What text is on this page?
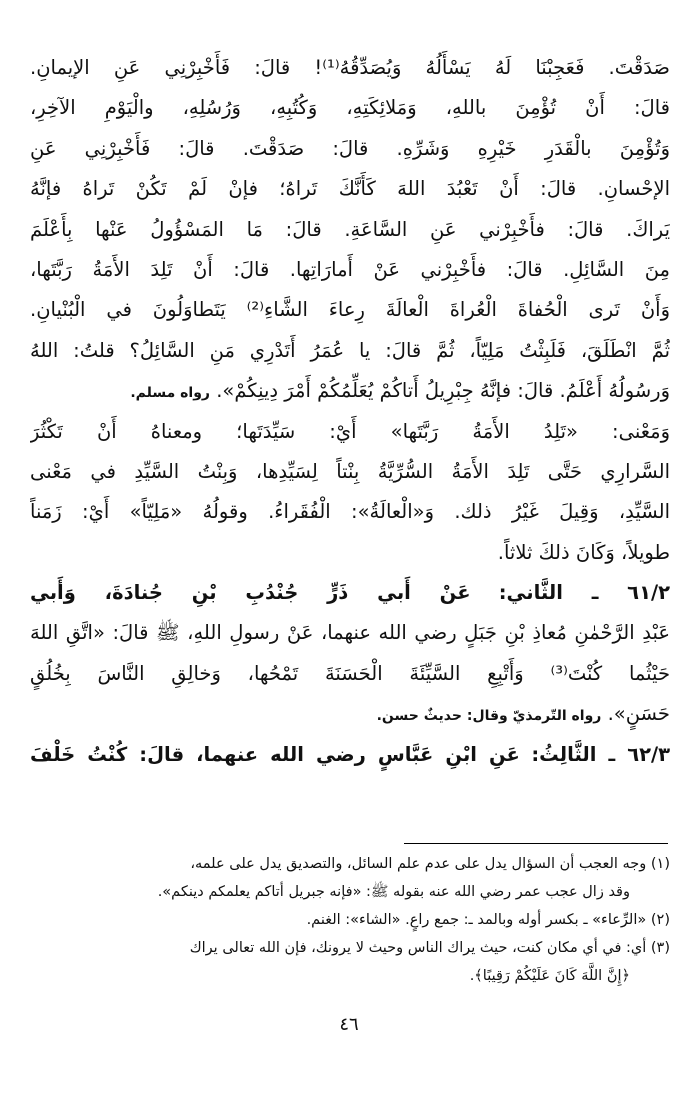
صَدَقْتَ. فَعَجِبْنَا لَهُ يَسْأَلُهُ وَيُصَدِّقُهُ⁽¹⁾! قالَ: فَأَخْبِرْنِي عَنِ الإيمانِ.
قالَ: أَنْ تُؤْمِنَ باللهِ، وَمَلائِكَتِهِ، وَكُتُبِهِ، وَرُسُلِهِ، والْيَوْمِ الآخِرِ،
وَتُؤْمِنَ بالْقَدَرِ خَيْرِهِ وَشَرِّهِ. قالَ: صَدَقْتَ. قالَ: فَأَخْبِرْنِي عَنِ
الإحْسانِ. قالَ: أَنْ تَعْبُدَ اللهَ كَأَنَّكَ تَراهُ؛ فإنْ لَمْ تَكُنْ تَراهُ فإنَّهُ
يَراكَ. قالَ: فأَخْبِرْني عَنِ السَّاعَةِ. قالَ: مَا المَسْؤُولُ عَنْها بِأَعْلَمَ
مِنَ السَّائِلِ. قالَ: فأَخْبِرْني عَنْ أَمارَاتِها. قالَ: أَنْ تَلِدَ الأَمَةُ رَبَّتَها،
وَأَنْ تَرى الْحُفاةَ الْعُراةَ الْعالَةَ رِعاءَ الشَّاءِ⁽²⁾ يَتَطاوَلُونَ في الْبُنْيانِ.
ثُمَّ انْطَلَقَ، فَلَبِثْتُ مَلِيّاً، ثُمَّ قالَ: يا عُمَرُ أَتَدْرِي مَنِ السَّائِلُ؟ قلتُ: اللهُ
وَرسُولُهُ أَعْلَمُ. قالَ: فإنَّهُ جِبْرِيلُ أَتاكُمْ يُعَلِّمُكُمْ أَمْرَ دِينِكُمْ». رواه مسلم.
وَمَعْنى: «تَلِدُ الأَمَةُ رَبَّتَها» أَيْ: سَيِّدَتَها؛ ومعناهُ أَنْ تَكْثُرَ
السَّرارِي حَتَّى تَلِدَ الأَمَةُ السُّرِّيَّةُ بِنْتاً لِسَيِّدِها، وَبِنْتُ السَّيِّدِ في مَعْنى
السَّيِّدِ، وَقِيلَ غَيْرُ ذلك. وَ«الْعالَةُ»: الْفُقَراءُ. وقولُهُ «مَلِيّاً» أَيْ: زَمَناً
طويلاً، وَكَانَ ذلكَ ثلاثاً.
٦١/٢ ـ الثَّاني: عَنْ أَبي ذَرٍّ جُنْدُبِ بْنِ جُنادَةَ، وَأَبي
عَبْدِ الرَّحْمٰنِ مُعاذِ بْنِ جَبَلٍ رضي الله عنهما، عَنْ رسولِ اللهِ، ﷺ قالَ: «اتَّقِ اللهَ
حَيْثُما كُنْتَ⁽³⁾ وَأَتْبِعِ السَّيِّئَةَ الْحَسَنَةَ تَمْحُها، وَخالِقِ النَّاسَ بِخُلُقٍ
حَسَنٍ». رواه التّرمذيّ وقال: حديثٌ حسن.
٦٢/٣ ـ الثَّالِثُ: عَنِ ابْنِ عَبَّاسٍ رضي الله عنهما، قالَ: كُنْتُ خَلْفَ
(١) وجه العجب أن السؤال يدل على عدم علم السائل، والتصديق يدل على علمه،
وقد زال عجب عمر رضي الله عنه بقوله ﷺ: «فإنه جبريل أتاكم يعلمكم دينكم».
(٢) «الرِّعاء» ـ بكسر أوله وبالمد ـ: جمع راعٍ. «الشاء»: الغنم.
(٣) أي: في أي مكان كنت، حيث يراك الناس وحيث لا يرونك، فإن الله تعالى يراك
﴿إِنَّ اللَّهَ كَانَ عَلَيْكُمْ رَقِيبًا﴾.
٤٦
